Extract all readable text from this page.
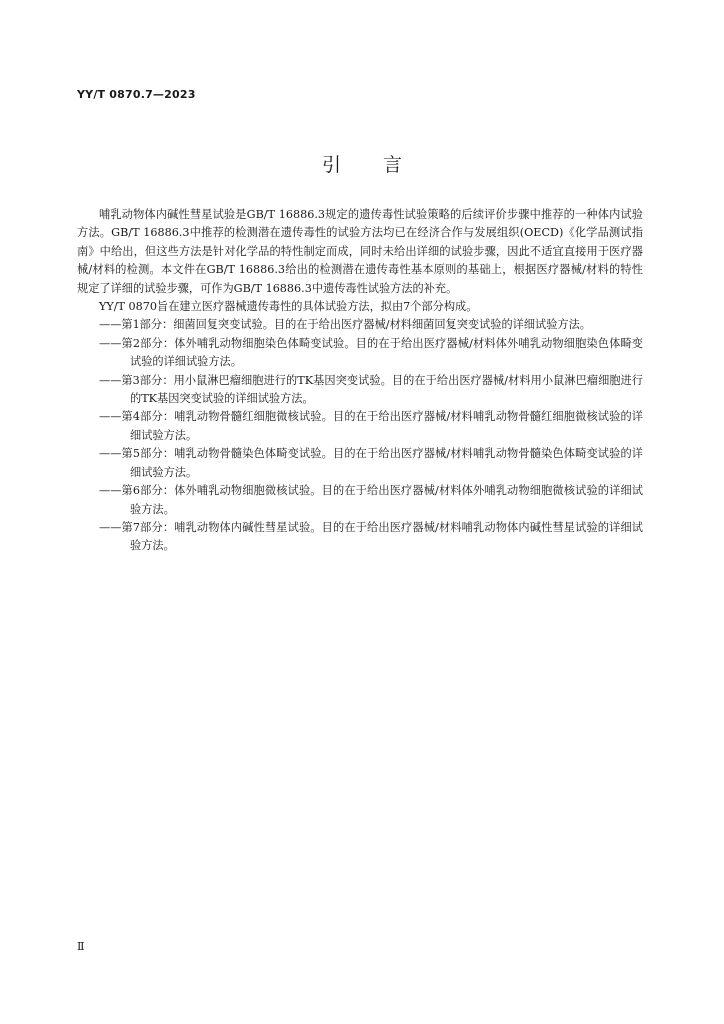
YY/T 0870.7—2023
引言

哺乳动物体内碱性彗星试验是GB/T 16886.3规定的遗传毒性试验策略的后续评价步骤中推荐的一种体内试验方法。GB/T 16886.3中推荐的检测潜在遗传毒性的试验方法均已在经济合作与发展组织(OECD)《化学品测试指南》中给出，但这些方法是针对化学品的特性制定而成，同时未给出详细的试验步骤，因此不适宜直接用于医疗器械/材料的检测。本文件在GB/T 16886.3给出的检测潜在遗传毒性基本原则的基础上，根据医疗器械/材料的特性规定了详细的试验步骤，可作为GB/T 16886.3中遗传毒性试验方法的补充。

YY/T 0870旨在建立医疗器械遗传毒性的具体试验方法，拟由7个部分构成。

——第1部分：细菌回复突变试验。目的在于给出医疗器械/材料细菌回复突变试验的详细试验方法。

——第2部分：体外哺乳动物细胞染色体畸变试验。目的在于给出医疗器械/材料体外哺乳动物细胞染色体畸变试验的详细试验方法。

——第3部分：用小鼠淋巴瘤细胞进行的TK基因突变试验。目的在于给出医疗器械/材料用小鼠淋巴瘤细胞进行的TK基因突变试验的详细试验方法。

——第4部分：哺乳动物骨髓红细胞微核试验。目的在于给出医疗器械/材料哺乳动物骨髓红细胞微核试验的详细试验方法。

——第5部分：哺乳动物骨髓染色体畸变试验。目的在于给出医疗器械/材料哺乳动物骨髓染色体畸变试验的详细试验方法。

——第6部分：体外哺乳动物细胞微核试验。目的在于给出医疗器械/材料体外哺乳动物细胞微核试验的详细试验方法。

——第7部分：哺乳动物体内碱性彗星试验。目的在于给出医疗器械/材料哺乳动物体内碱性彗星试验的详细试验方法。

Ⅱ
